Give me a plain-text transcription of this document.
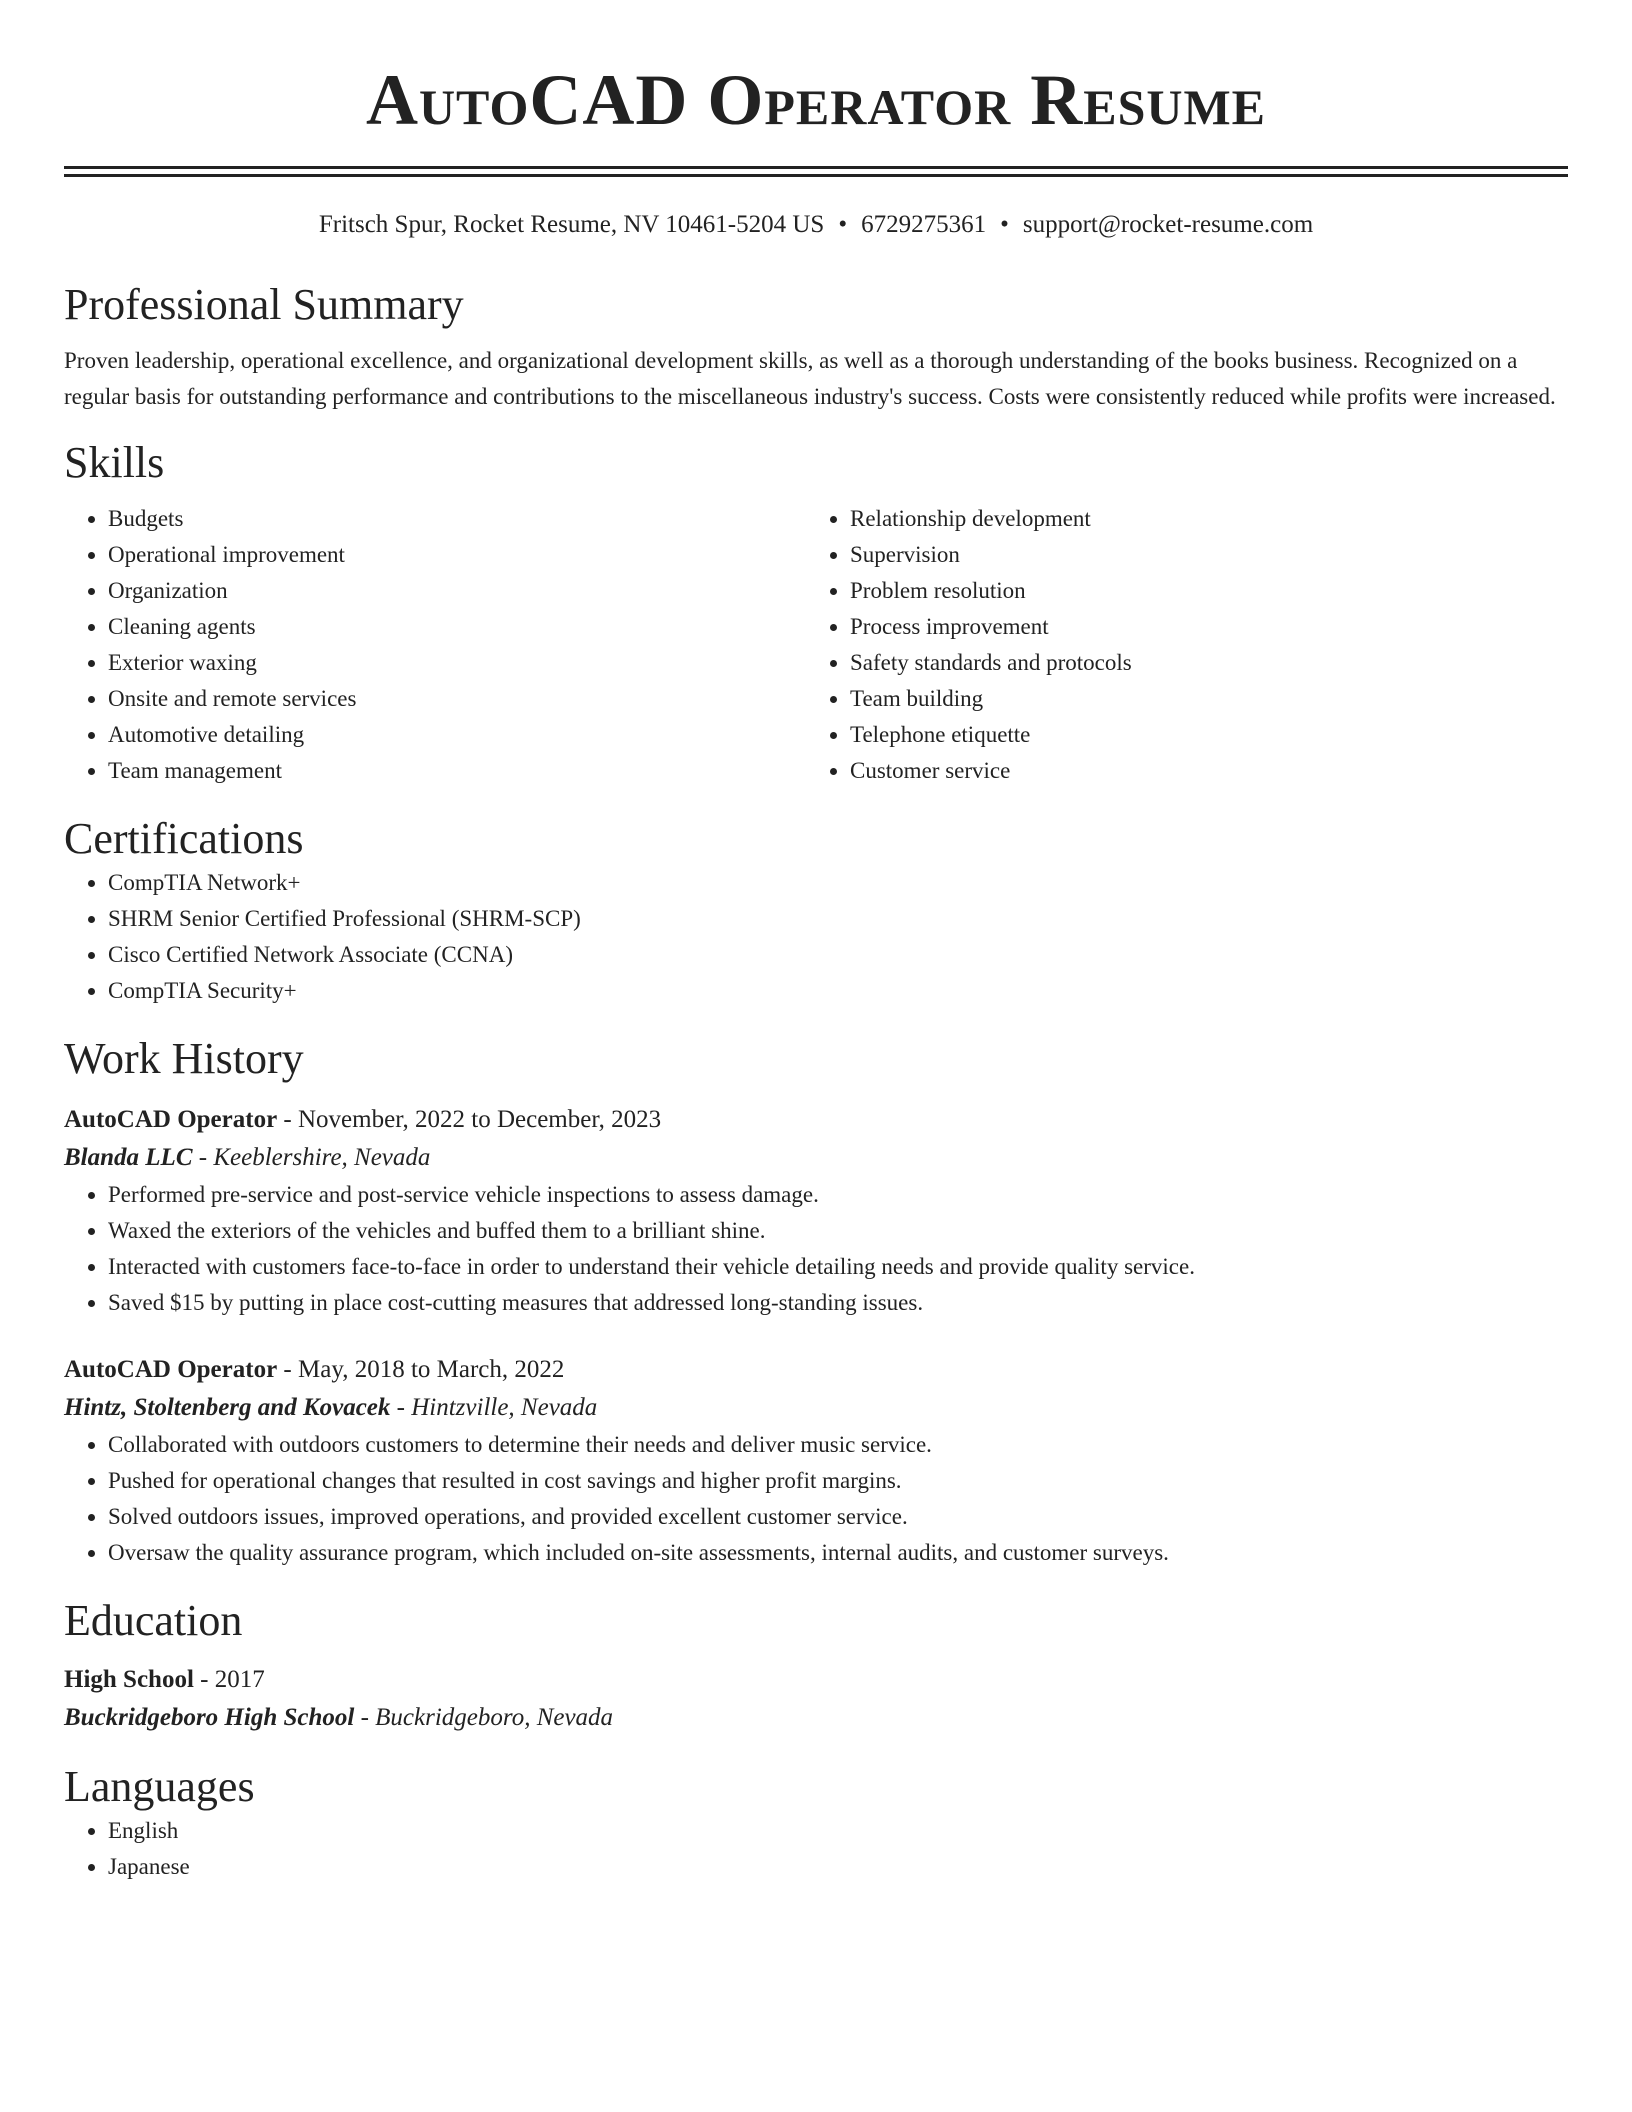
AutoCAD Operator Resume
Fritsch Spur, Rocket Resume, NV 10461-5204 US • 6729275361 • support@rocket-resume.com
Professional Summary

Proven leadership, operational excellence, and organizational development skills, as well as a thorough understanding of the books business. Recognized on a regular basis for outstanding performance and contributions to the miscellaneous industry's success. Costs were consistently reduced while profits were increased.

Skills
• Budgets
• Operational improvement
• Organization
• Cleaning agents
• Exterior waxing
• Onsite and remote services
• Automotive detailing
• Team management
• Relationship development
• Supervision
• Problem resolution
• Process improvement
• Safety standards and protocols
• Team building
• Telephone etiquette
• Customer service
Certifications
• CompTIA Network+
• SHRM Senior Certified Professional (SHRM-SCP)
• Cisco Certified Network Associate (CCNA)
• CompTIA Security+
Work History
AutoCAD Operator - November, 2022 to December, 2023
Blanda LLC - Keeblershire, Nevada
• Performed pre-service and post-service vehicle inspections to assess damage.
• Waxed the exteriors of the vehicles and buffed them to a brilliant shine.
• Interacted with customers face-to-face in order to understand their vehicle detailing needs and provide quality service.
• Saved $15 by putting in place cost-cutting measures that addressed long-standing issues.
AutoCAD Operator - May, 2018 to March, 2022
Hintz, Stoltenberg and Kovacek - Hintzville, Nevada
• Collaborated with outdoors customers to determine their needs and deliver music service.
• Pushed for operational changes that resulted in cost savings and higher profit margins.
• Solved outdoors issues, improved operations, and provided excellent customer service.
• Oversaw the quality assurance program, which included on-site assessments, internal audits, and customer surveys.
Education
High School - 2017
Buckridgeboro High School - Buckridgeboro, Nevada
Languages
• English
• Japanese
